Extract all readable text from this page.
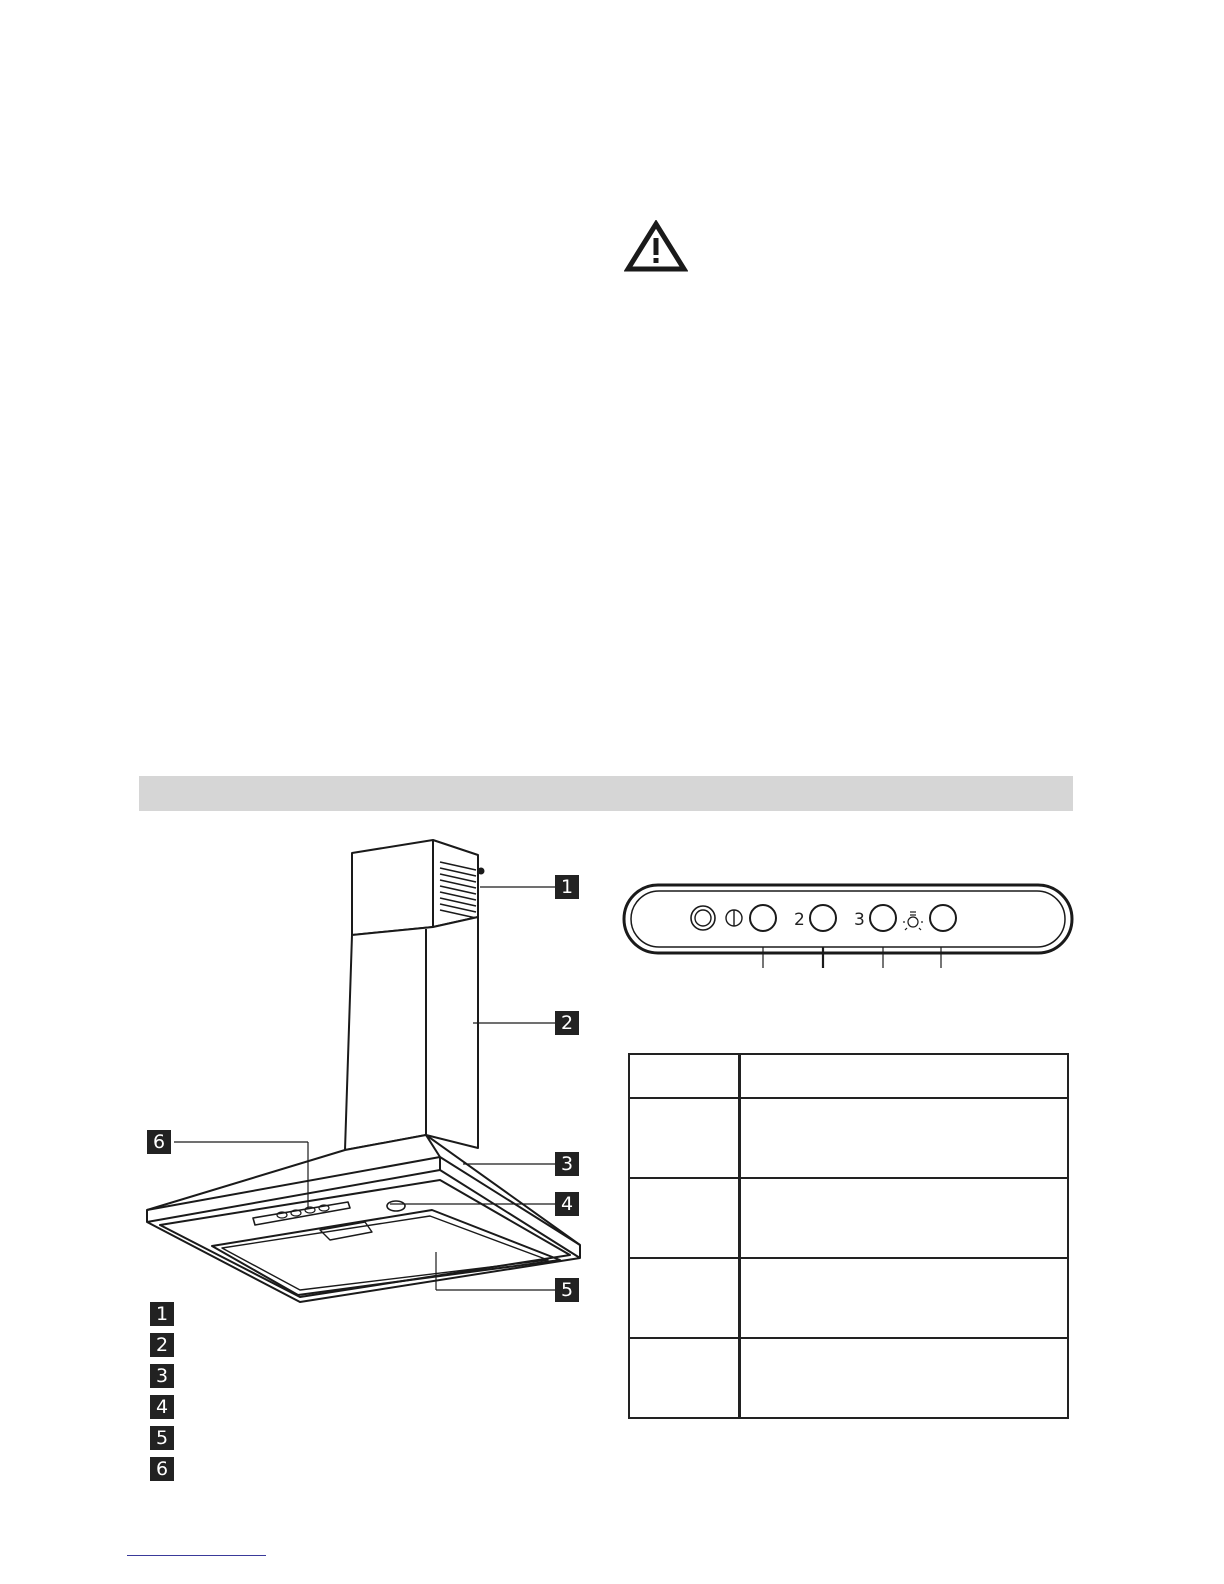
1
2
3
4
5
6
1
2
3
4
5
6
2	3
